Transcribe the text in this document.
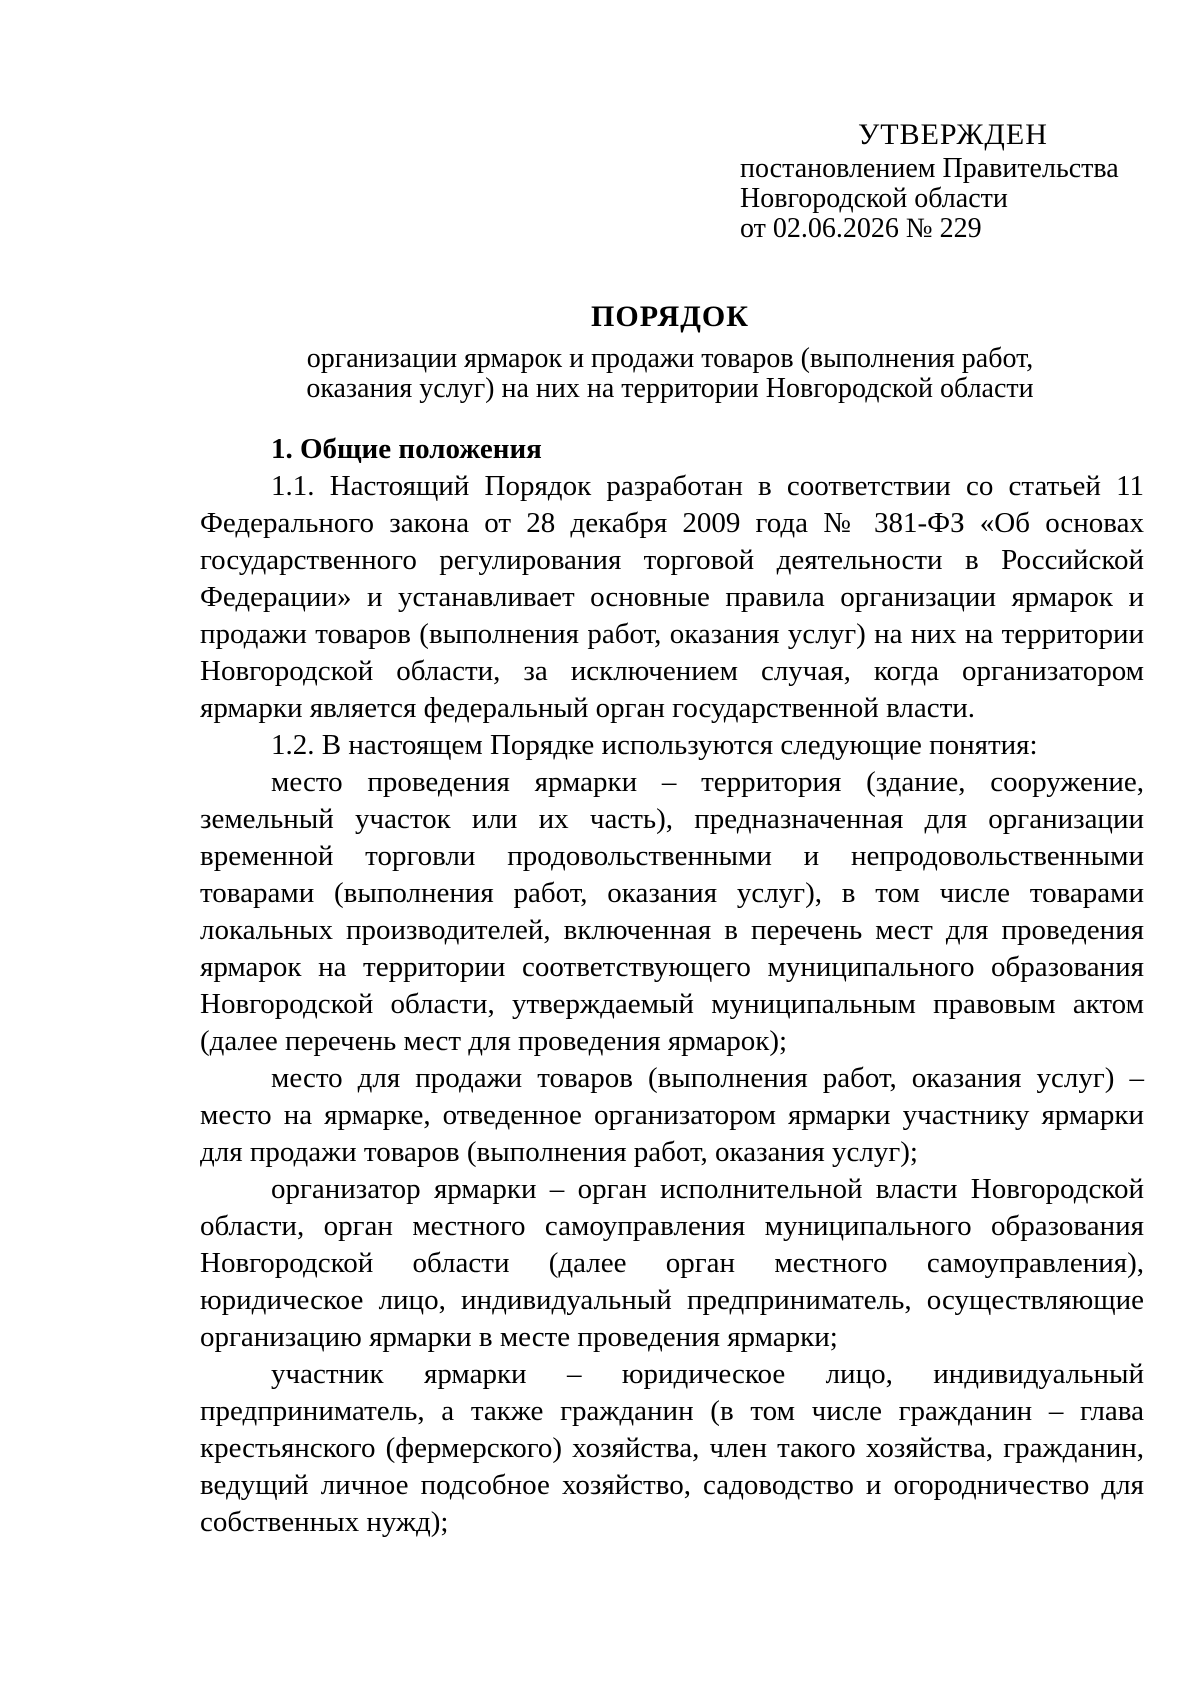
УТВЕРЖДЕН
постановлением Правительства
Новгородской области
от 02.06.2026 № 229
ПОРЯДОК
организации ярмарок и продажи товаров (выполнения работ,
оказания услуг) на них на территории Новгородской области
1. Общие положения

1.1. Настоящий Порядок разработан в соответствии со статьей 11 Федерального закона от 28 декабря 2009 года № 381-ФЗ «Об основах государственного регулирования торговой деятельности в Российской Федерации» и устанавливает основные правила организации ярмарок и продажи товаров (выполнения работ, оказания услуг) на них на территории Новгородской области, за исключением случая, когда организатором ярмарки является федеральный орган государственной власти.

1.2. В настоящем Порядке используются следующие понятия:

место проведения ярмарки – территория (здание, сооружение, земельный участок или их часть), предназначенная для организации временной торговли продовольственными и непродовольственными товарами (выполнения работ, оказания услуг), в том числе товарами локальных производителей, включенная в перечень мест для проведения ярмарок на территории соответствующего муниципального образования Новгородской области, утверждаемый муниципальным правовым актом (далее перечень мест для проведения ярмарок);

место для продажи товаров (выполнения работ, оказания услуг) – место на ярмарке, отведенное организатором ярмарки участнику ярмарки для продажи товаров (выполнения работ, оказания услуг);

организатор ярмарки – орган исполнительной власти Новгородской области, орган местного самоуправления муниципального образования Новгородской области (далее орган местного самоуправления), юридическое лицо, индивидуальный предприниматель, осуществляющие организацию ярмарки в месте проведения ярмарки;

участник ярмарки – юридическое лицо, индивидуальный предприниматель, а также гражданин (в том числе гражданин – глава крестьянского (фермерского) хозяйства, член такого хозяйства, гражданин, ведущий личное подсобное хозяйство, садоводство и огородничество для собственных нужд);
